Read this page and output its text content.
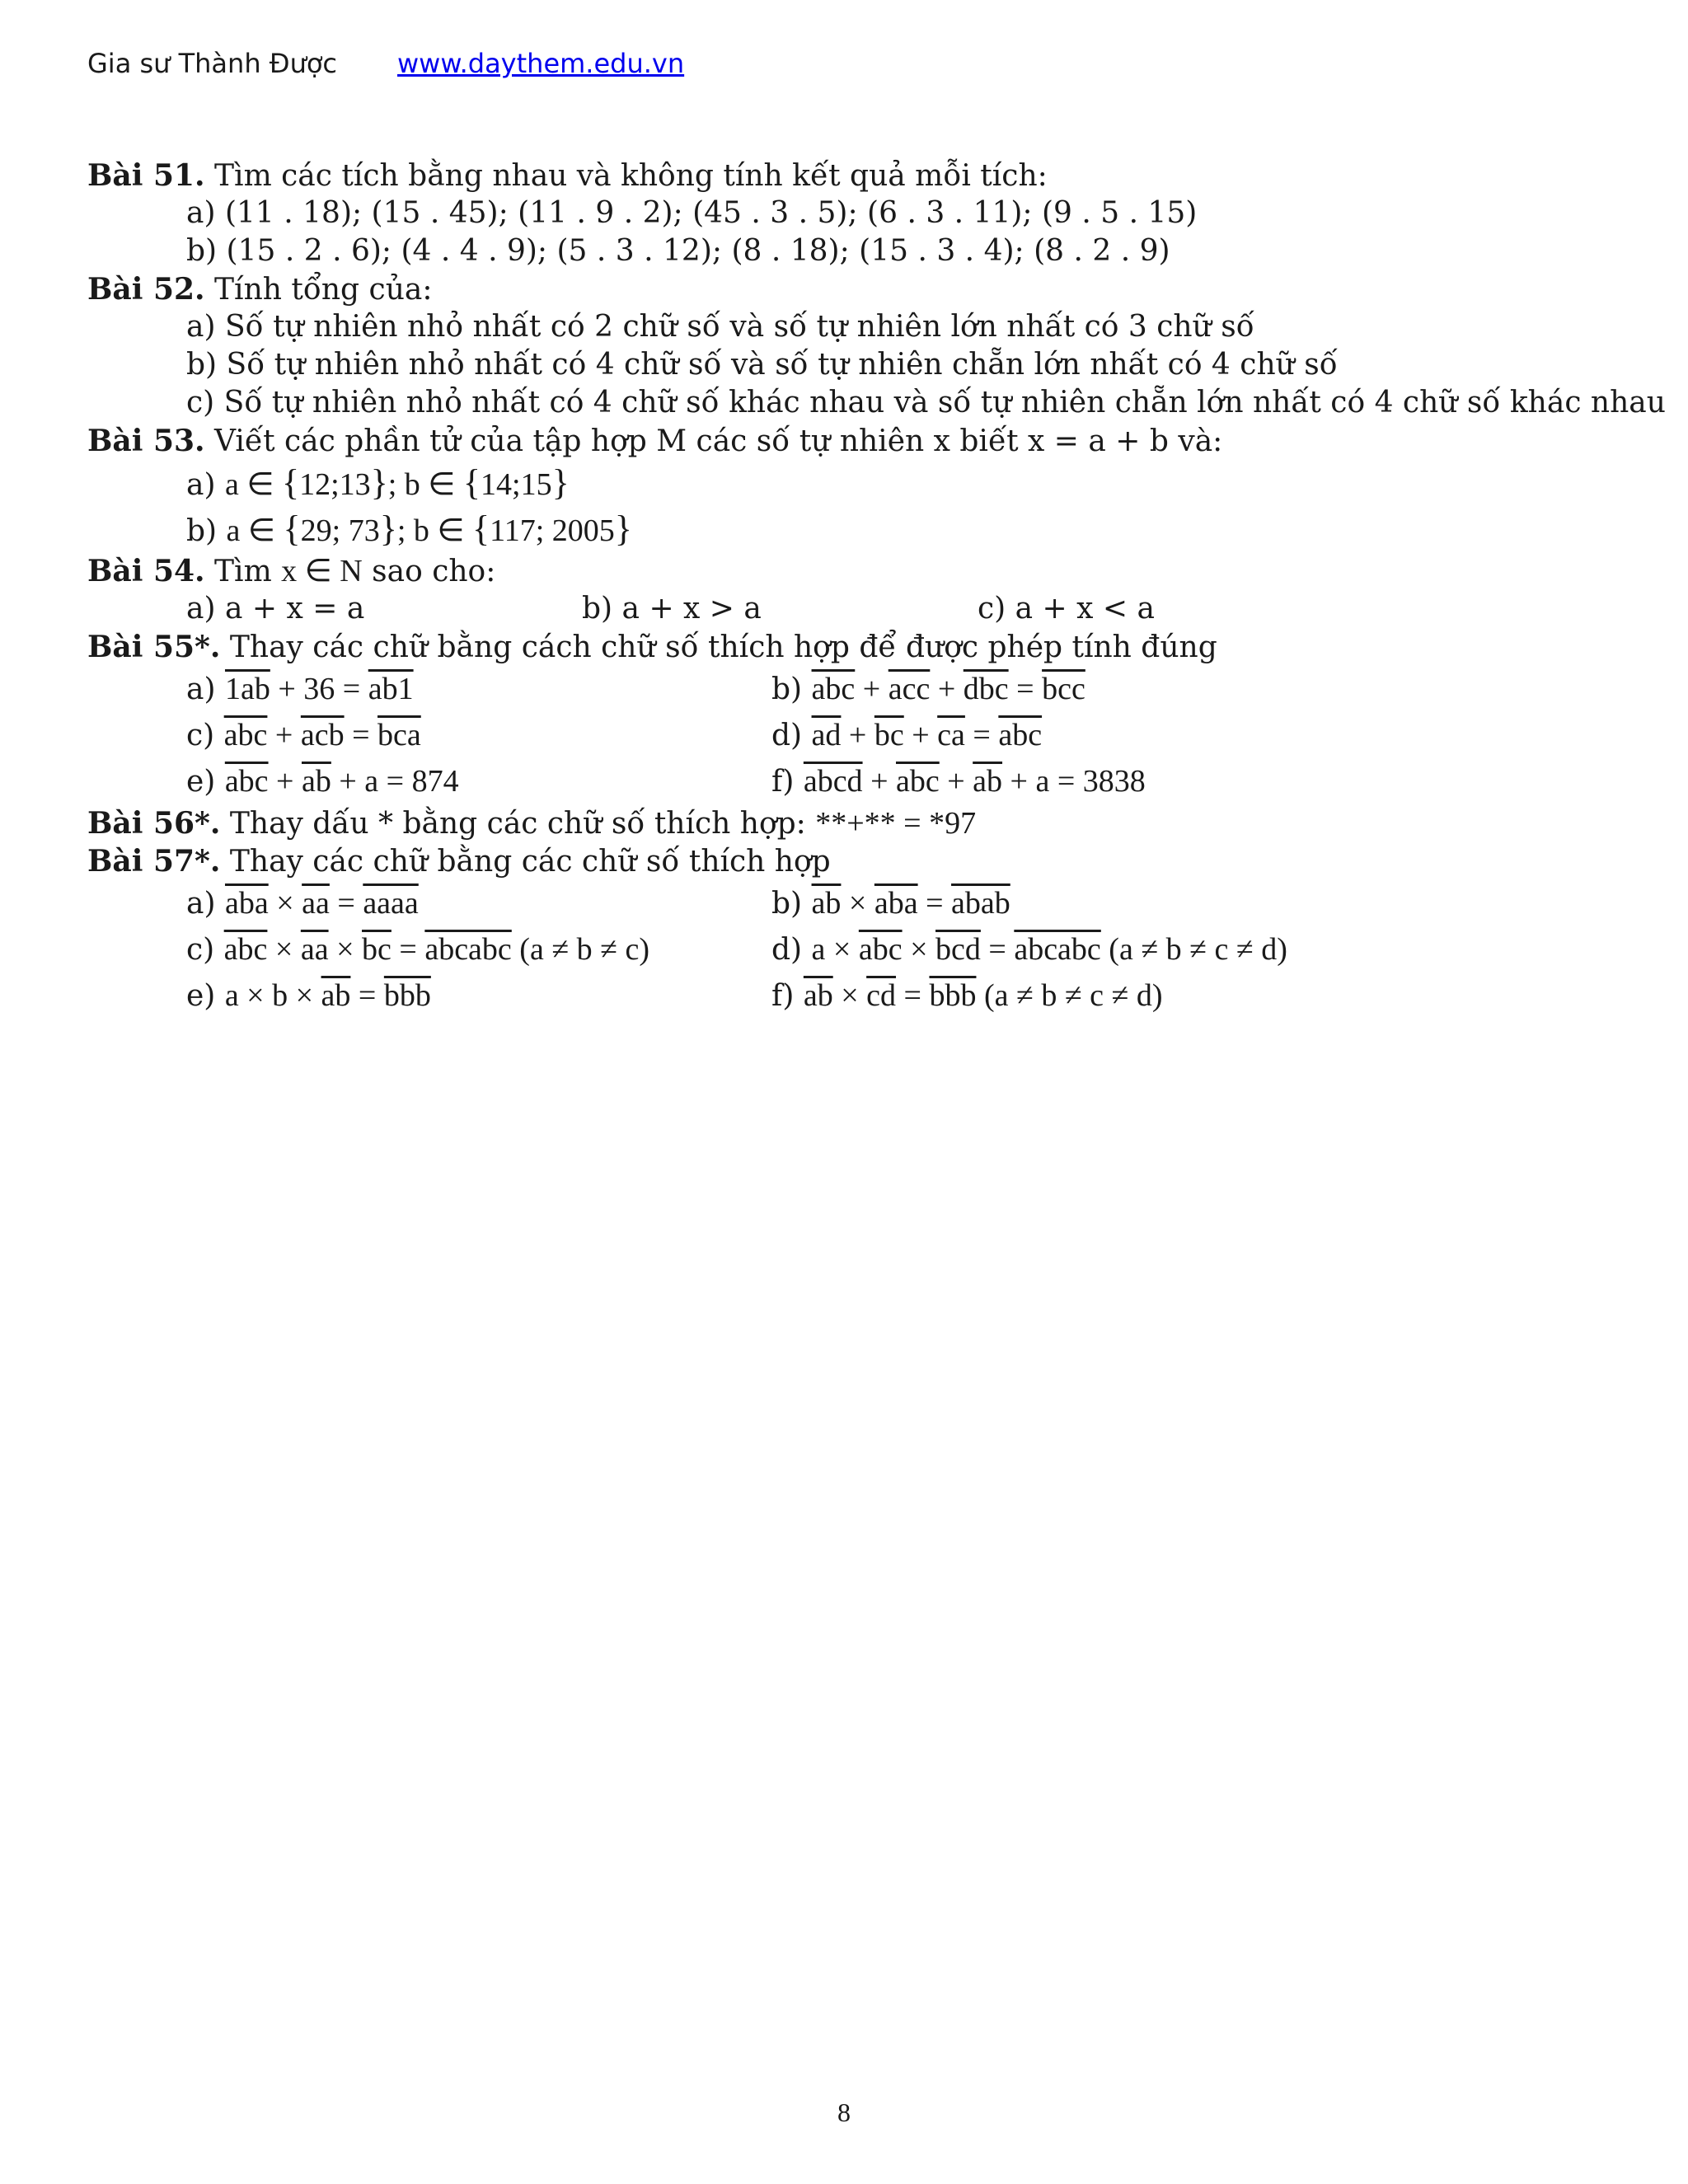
Gia sư Thành Được www.daythem.edu.vn
Bài 51. Tìm các tích bằng nhau và không tính kết quả mỗi tích:
a) (11 . 18); (15 . 45); (11 . 9 . 2); (45 . 3 . 5); (6 . 3 . 11); (9 . 5 . 15)
b) (15 . 2 . 6); (4 . 4 . 9); (5 . 3 . 12); (8 . 18); (15 . 3 . 4); (8 . 2 . 9)
Bài 52. Tính tổng của:
a) Số tự nhiên nhỏ nhất có 2 chữ số và số tự nhiên lớn nhất có 3 chữ số
b) Số tự nhiên nhỏ nhất có 4 chữ số và số tự nhiên chẵn lớn nhất có 4 chữ số
c) Số tự nhiên nhỏ nhất có 4 chữ số khác nhau và số tự nhiên chẵn lớn nhất có 4 chữ số khác nhau
Bài 53. Viết các phần tử của tập hợp M các số tự nhiên x biết x = a + b và:
a) a ∈ {12;13}; b ∈ {14;15}
b) a ∈ {29; 73}; b ∈ {117; 2005}
Bài 54. Tìm x ∈ N sao cho:
a) a + x = a	b) a + x > a	c) a + x < a
Bài 55*. Thay các chữ bằng cách chữ số thích hợp để được phép tính đúng
a) 1ab + 36 = ab1	b) $\overline{abc} + \overline{acc} + \overline{dbc} = \overline{bcc}$
c) $\overline{abc} + \overline{acb} = \overline{bca}$	d) $\overline{ad} + \overline{bc} + \overline{ca} = \overline{abc}$
e) $\overline{abc} + \overline{ab} + a = 874$	f) abcd + $\overline{abc} + \overline{ab} + a = 3838$
Bài 56*. Thay dấu * bằng các chữ số thích hợp: **+** = *97
Bài 57*. Thay các chữ bằng các chữ số thích hợp
a) $\overline{aba} \times \overline{aa}$ = aaaa	b) $\overline{ab} \times \overline{aba}$ = abab
c) $\overline{abc} \times \overline{aa} \times \overline{bc}$ = abcabc (a ≠ b ≠ c)	d) $a \times \overline{abc} \times \overline{bcd}$ = abcabc (a ≠ b ≠ c ≠ d)
e) $a \times b \times \overline{ab} = \overline{bbb}$	f) $\overline{ab} \times \overline{cd} = \overline{bbb}$ (a ≠ b ≠ c ≠ d)
8
